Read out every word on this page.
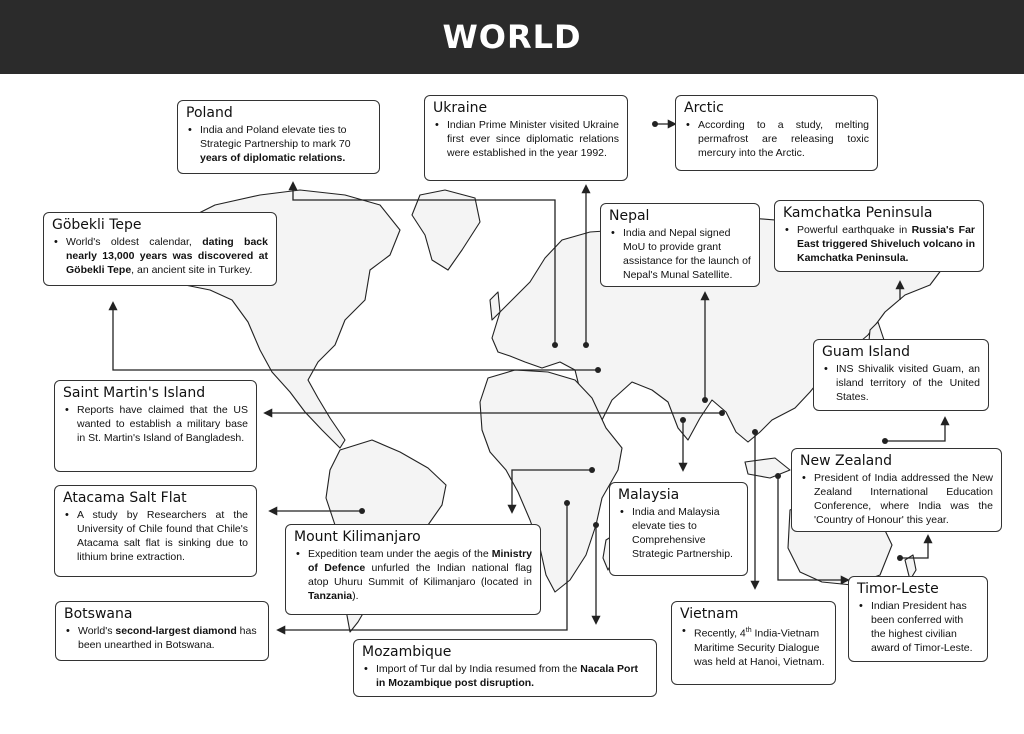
WORLD
Poland
• India and Poland elevate ties to Strategic Partnership to mark 70 years of diplomatic relations.
Ukraine
• Indian Prime Minister visited Ukraine first ever since diplomatic relations were established in the year 1992.
Arctic
• According to a study, melting permafrost are releasing toxic mercury into the Arctic.
Göbekli Tepe
• World's oldest calendar, dating back nearly 13,000 years was discovered at Göbekli Tepe, an ancient site in Turkey.
Nepal
• India and Nepal signed MoU to provide grant assistance for the launch of Nepal's Munal Satellite.
Kamchatka Peninsula
• Powerful earthquake in Russia's Far East triggered Shiveluch volcano in Kamchatka Peninsula.
Guam Island
• INS Shivalik visited Guam, an island territory of the United States.
Saint Martin's Island
• Reports have claimed that the US wanted to establish a military base in St. Martin's Island of Bangladesh.
New Zealand
• President of India addressed the New Zealand International Education Conference, where India was the 'Country of Honour' this year.
Atacama Salt Flat
• A study by Researchers at the University of Chile found that Chile's Atacama salt flat is sinking due to lithium brine extraction.
Malaysia
• India and Malaysia elevate ties to Comprehensive Strategic Partnership.
Mount Kilimanjaro
• Expedition team under the aegis of the Ministry of Defence unfurled the Indian national flag atop Uhuru Summit of Kilimanjaro (located in Tanzania).	Timor-Leste
• Indian President has been conferred with the highest civilian award of Timor-Leste.
Botswana
• World's second-largest diamond has been unearthed in Botswana.
Vietnam
• Recently, 4th India-Vietnam Maritime Security Dialogue was held at Hanoi, Vietnam.
Mozambique
• Import of Tur dal by India resumed from the Nacala Port in Mozambique post disruption.
